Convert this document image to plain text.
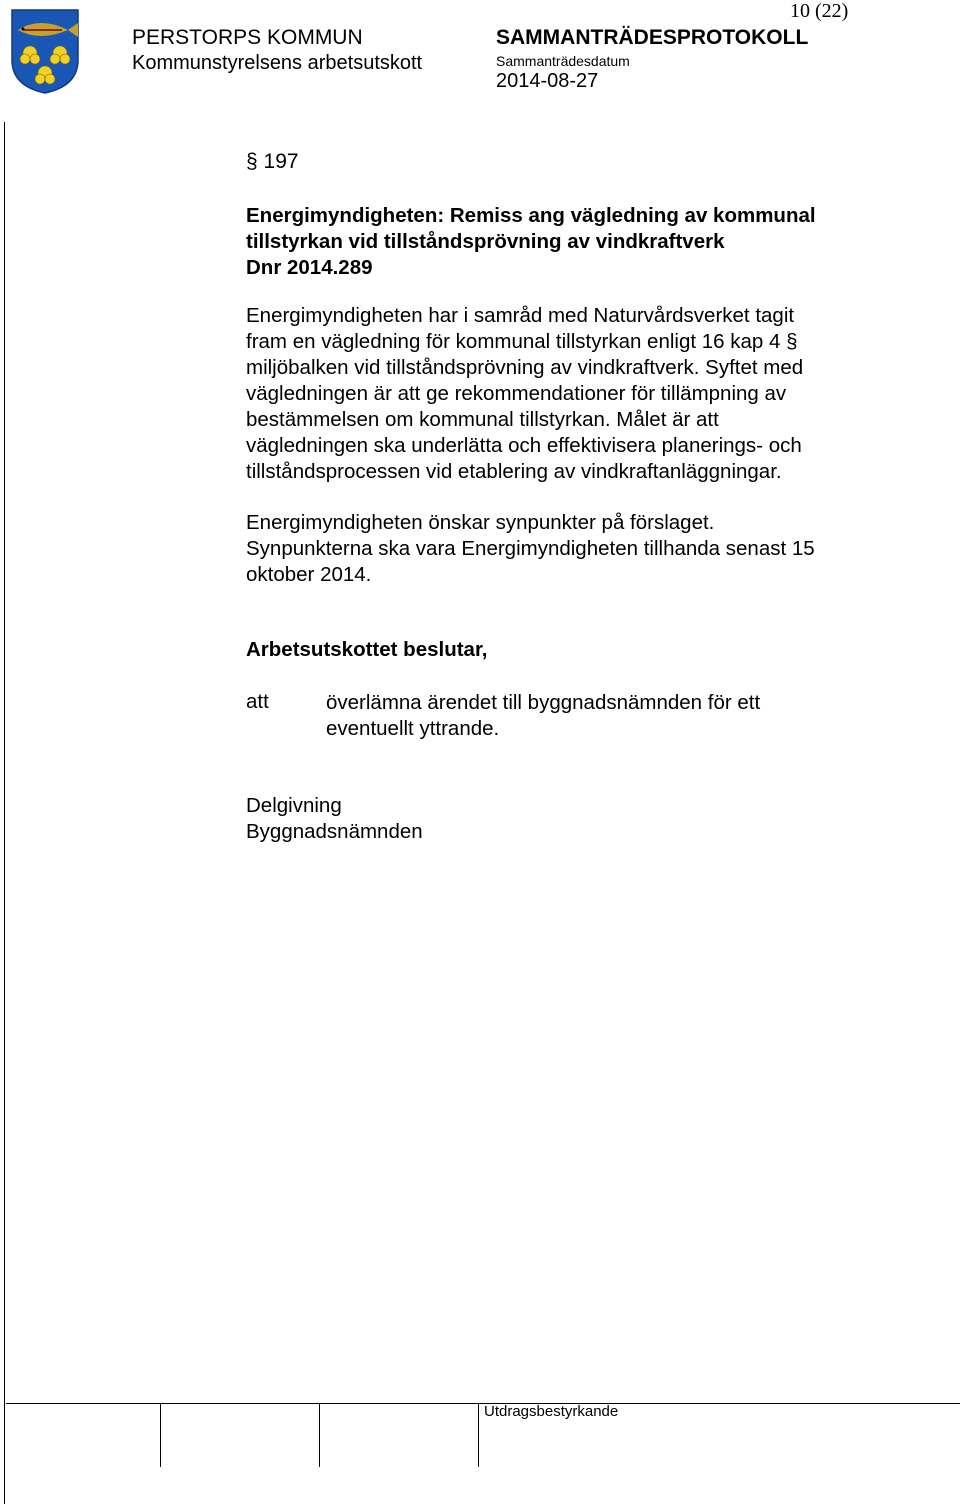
10 (22)
PERSTORPS KOMMUN
Kommunstyrelsens arbetsutskott
SAMMANTRÄDESPROTOKOLL
Sammanträdesdatum
2014-08-27
§ 197
Energimyndigheten: Remiss ang vägledning av kommunal
tillstyrkan vid tillståndsprövning av vindkraftverk
Dnr 2014.289
Energimyndigheten har i samråd med Naturvårdsverket tagit
fram en vägledning för kommunal tillstyrkan enligt 16 kap 4 §
miljöbalken vid tillståndsprövning av vindkraftverk. Syftet med
vägledningen är att ge rekommendationer för tillämpning av
bestämmelsen om kommunal tillstyrkan. Målet är att
vägledningen ska underlätta och effektivisera planerings- och
tillståndsprocessen vid etablering av vindkraftanläggningar.
Energimyndigheten önskar synpunkter på förslaget.
Synpunkterna ska vara Energimyndigheten tillhanda senast 15
oktober 2014.
Arbetsutskottet beslutar,
att	överlämna ärendet till byggnadsnämnden för ett
eventuellt yttrande.
Delgivning
Byggnadsnämnden
Utdragsbestyrkande
